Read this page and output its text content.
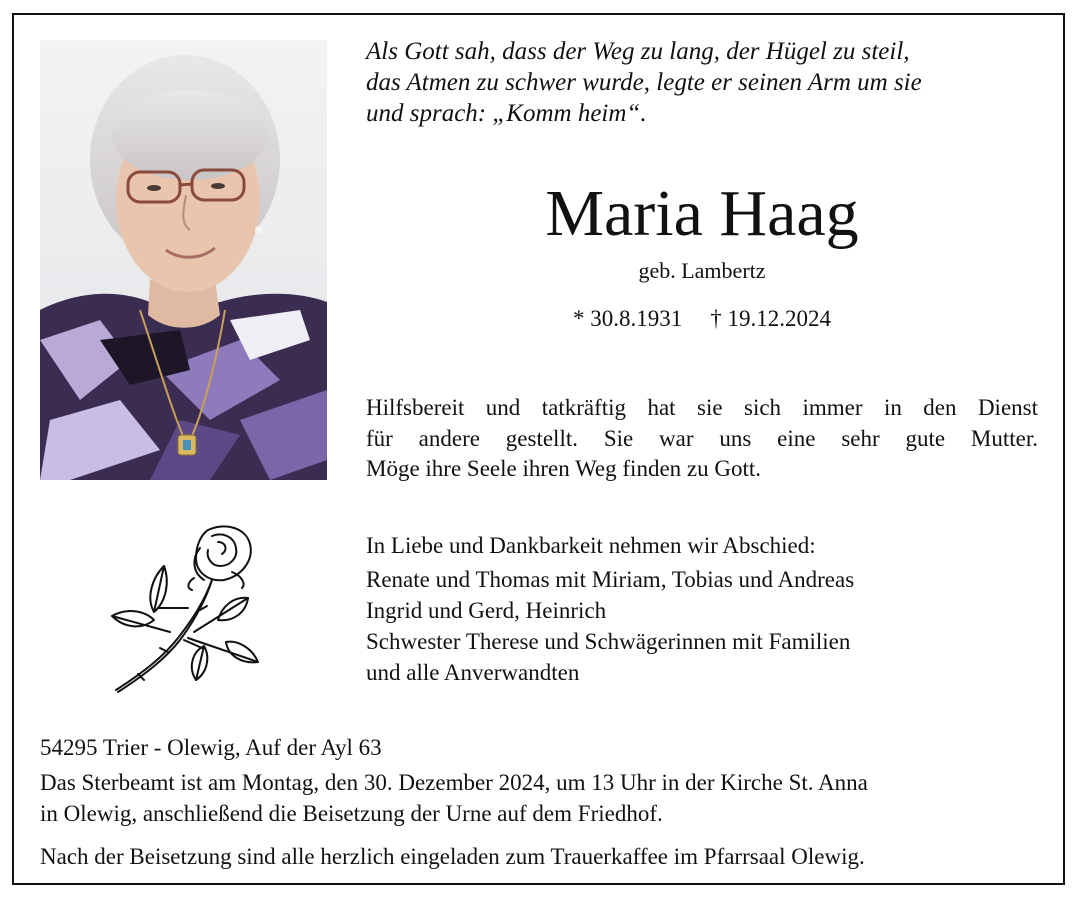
Als Gott sah, dass der Weg zu lang, der Hügel zu steil,
das Atmen zu schwer wurde, legte er seinen Arm um sie
und sprach: „Komm heim“.
Maria Haag
geb. Lambertz
* 30.8.1931 † 19.12.2024
Hilfsbereit und tatkräftig hat sie sich immer in den Dienst
für andere gestellt. Sie war uns eine sehr gute Mutter.
Möge ihre Seele ihren Weg finden zu Gott.
In Liebe und Dankbarkeit nehmen wir Abschied:
Renate und Thomas mit Miriam, Tobias und Andreas
Ingrid und Gerd, Heinrich
Schwester Therese und Schwägerinnen mit Familien
und alle Anverwandten
54295 Trier - Olewig, Auf der Ayl 63
Das Sterbeamt ist am Montag, den 30. Dezember 2024, um 13 Uhr in der Kirche St. Anna
in Olewig, anschließend die Beisetzung der Urne auf dem Friedhof.
Nach der Beisetzung sind alle herzlich eingeladen zum Trauerkaffee im Pfarrsaal Olewig.
